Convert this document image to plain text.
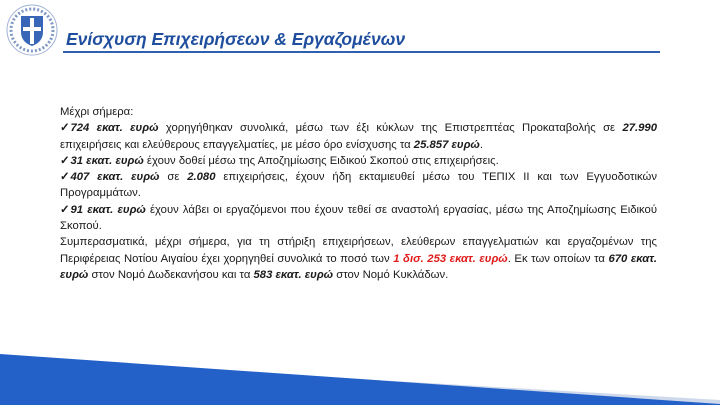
Ενίσχυση Επιχειρήσεων & Εργαζομένων

Μέχρι σήμερα:

✓724 εκατ. ευρώ χορηγήθηκαν συνολικά, μέσω των έξι κύκλων της Επιστρεπτέας Προκαταβολής σε 27.990 επιχειρήσεις και ελεύθερους επαγγελματίες, με μέσο όρο ενίσχυσης τα 25.857 ευρώ.

✓31 εκατ. ευρώ έχουν δοθεί μέσω της Αποζημίωσης Ειδικού Σκοπού στις επιχειρήσεις.

✓407 εκατ. ευρώ σε 2.080 επιχειρήσεις, έχουν ήδη εκταμιευθεί μέσω του ΤΕΠΙΧ ΙΙ και των Εγγυοδοτικών Προγραμμάτων.

✓91 εκατ. ευρώ έχουν λάβει οι εργαζόμενοι που έχουν τεθεί σε αναστολή εργασίας, μέσω της Αποζημίωσης Ειδικού Σκοπού.

Συμπερασματικά, μέχρι σήμερα, για τη στήριξη επιχειρήσεων, ελεύθερων επαγγελματιών και εργαζομένων της Περιφέρειας Νοτίου Αιγαίου έχει χορηγηθεί συνολικά το ποσό των 1 δισ. 253 εκατ. ευρώ. Εκ των οποίων τα 670 εκατ. ευρώ στον Νομό Δωδεκανήσου και τα 583 εκατ. ευρώ στον Νομό Κυκλάδων.
